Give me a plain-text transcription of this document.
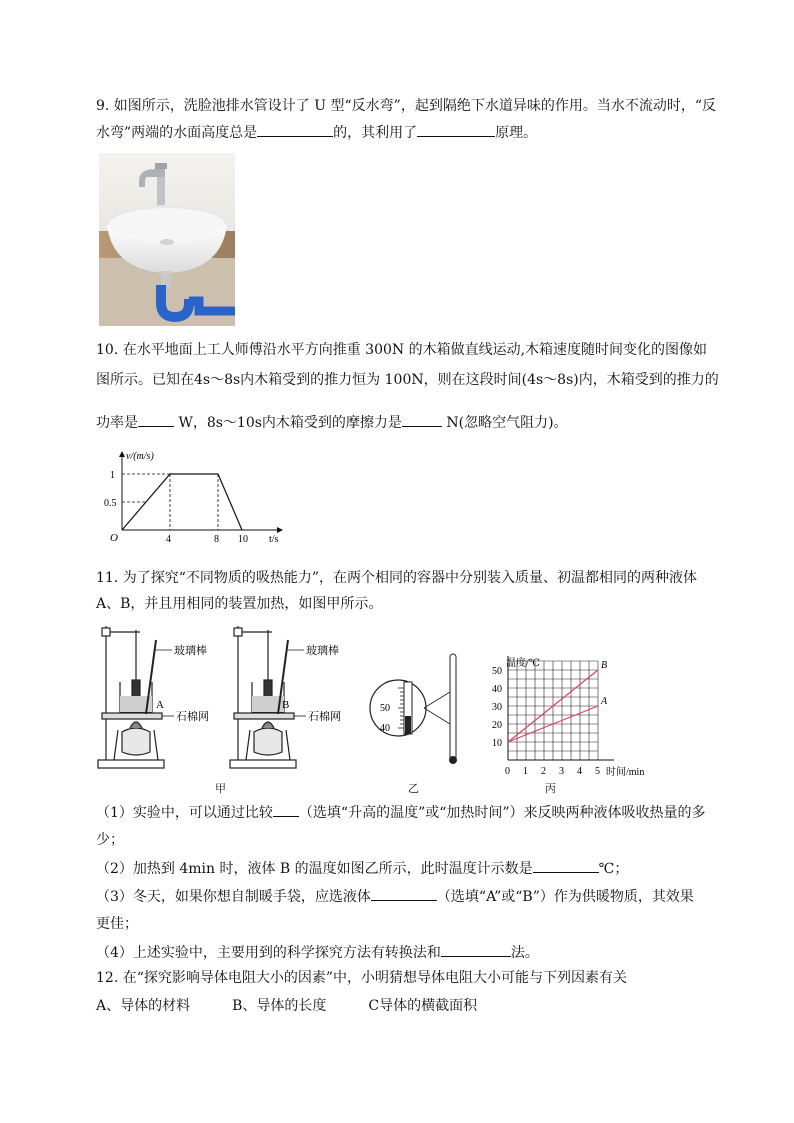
9. 如图所示，洗脸池排水管设计了 U 型“反水弯”，起到隔绝下水道异味的作用。当水不流动时，“反
水弯”两端的水面高度总是	的，其利用了	原理。
10. 在水平地面上工人师傅沿水平方向推重 300N 的木箱做直线运动,木箱速度随时间变化的图像如
图所示。已知在4s～8s内木箱受到的推力恒为 100N，则在这段时间(4s～8s)内，木箱受到的推力的
功率是	W，8s～10s内木箱受到的摩擦力是	N(忽略空气阻力)。
v/(m/s)
t/s
O	4	8 10
0.5
1
11. 为了探究“不同物质的吸热能力”，在两个相同的容器中分别装入质量、初温都相同的两种液体
A、B，并且用相同的装置加热，如图甲所示。
玻璃棒
A
石棉网
玻璃棒
B
石棉网
50
40
温度/℃
时间/min
B
A
10
20
30
40
50
0 1 2 3 4 5
甲	乙	丙
（1）实验中，可以通过比较 （选填“升高的温度”或“加热时间”）来反映两种液体吸收热量的多
少；
（2）加热到 4min 时，液体 B 的温度如图乙所示，此时温度计示数是	℃；
（3）冬天，如果你想自制暖手袋，应选液体	（选填“A”或“B”）作为供暖物质，其效果
更佳；
（4）上述实验中，主要用到的科学探究方法有转换法和	法。
12. 在“探究影响导体电阻大小的因素”中，小明猜想导体电阻大小可能与下列因素有关
A、导体的材料	B、导体的长度	C导体的横截面积
